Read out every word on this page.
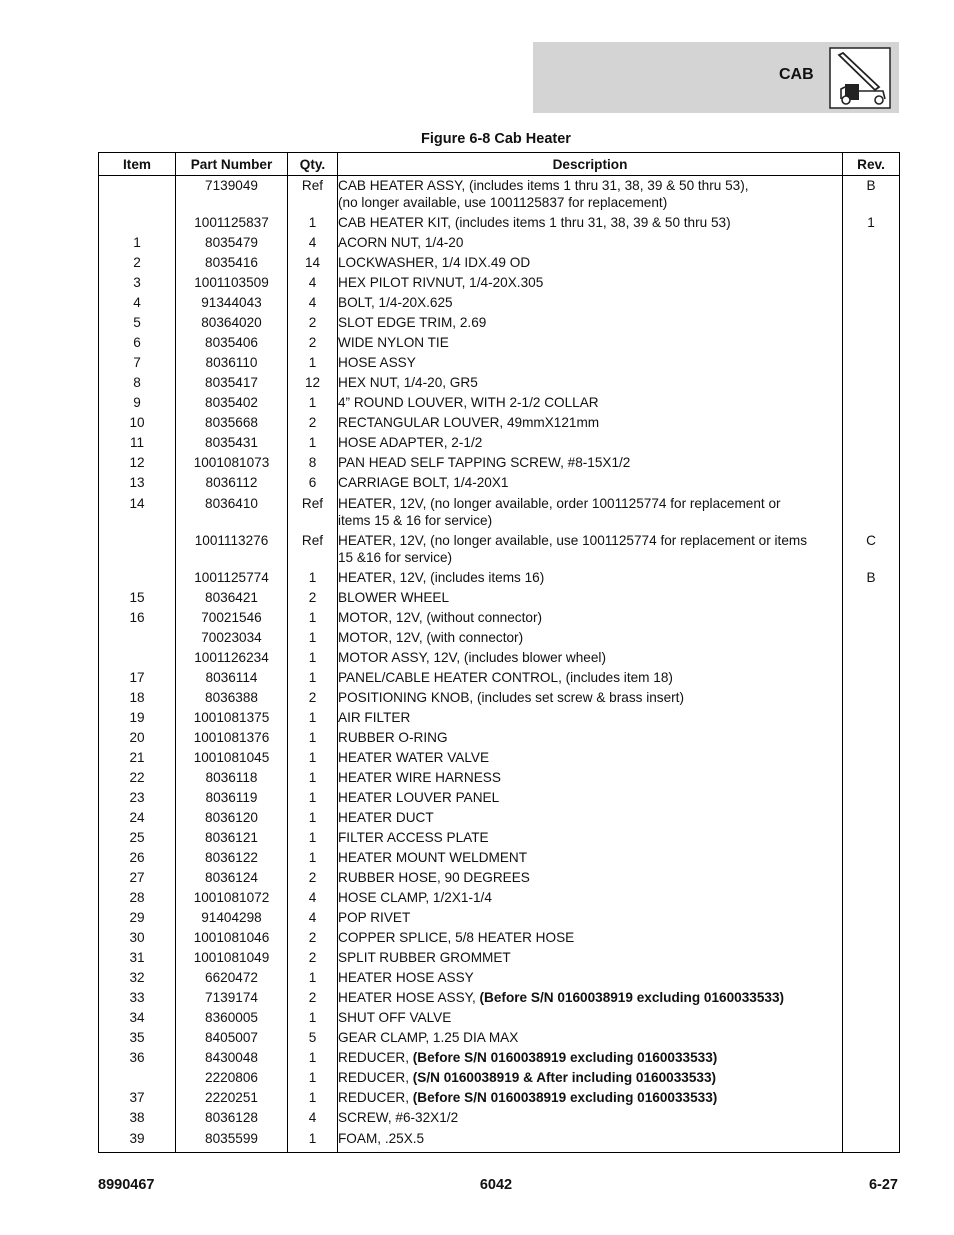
CAB
Figure 6-8 Cab Heater
Item	Part Number	Qty.	Description	Rev.
	7139049	Ref	CAB HEATER ASSY, (includes items 1 thru 31, 38, 39 & 50 thru 53),
(no longer available, use 1001125837 for replacement)	B
	1001125837	1	CAB HEATER KIT, (includes items 1 thru 31, 38, 39 & 50 thru 53)	1
1	8035479	4	ACORN NUT, 1/4-20	
2	8035416	14	LOCKWASHER, 1/4 IDX.49 OD	
3	1001103509	4	HEX PILOT RIVNUT, 1/4-20X.305	
4	91344043	4	BOLT, 1/4-20X.625	
5	80364020	2	SLOT EDGE TRIM, 2.69	
6	8035406	2	WIDE NYLON TIE	
7	8036110	1	HOSE ASSY	
8	8035417	12	HEX NUT, 1/4-20, GR5	
9	8035402	1	4” ROUND LOUVER, WITH 2-1/2 COLLAR	
10	8035668	2	RECTANGULAR LOUVER, 49mmX121mm	
11	8035431	1	HOSE ADAPTER, 2-1/2	
12	1001081073	8	PAN HEAD SELF TAPPING SCREW, #8-15X1/2	
13	8036112	6	CARRIAGE BOLT, 1/4-20X1	
14	8036410	Ref	HEATER, 12V, (no longer available, order 1001125774 for replacement or
items 15 & 16 for service)	
	1001113276	Ref	HEATER, 12V, (no longer available, use 1001125774 for replacement or items
15 &16 for service)	C
	1001125774	1	HEATER, 12V, (includes items 16)	B
15	8036421	2	BLOWER WHEEL	
16	70021546	1	MOTOR, 12V, (without connector)	
	70023034	1	MOTOR, 12V, (with connector)	
	1001126234	1	MOTOR ASSY, 12V, (includes blower wheel)	
17	8036114	1	PANEL/CABLE HEATER CONTROL, (includes item 18)	
18	8036388	2	POSITIONING KNOB, (includes set screw & brass insert)	
19	1001081375	1	AIR FILTER	
20	1001081376	1	RUBBER O-RING	
21	1001081045	1	HEATER WATER VALVE	
22	8036118	1	HEATER WIRE HARNESS	
23	8036119	1	HEATER LOUVER PANEL	
24	8036120	1	HEATER DUCT	
25	8036121	1	FILTER ACCESS PLATE	
26	8036122	1	HEATER MOUNT WELDMENT	
27	8036124	2	RUBBER HOSE, 90 DEGREES	
28	1001081072	4	HOSE CLAMP, 1/2X1-1/4	
29	91404298	4	POP RIVET	
30	1001081046	2	COPPER SPLICE, 5/8 HEATER HOSE	
31	1001081049	2	SPLIT RUBBER GROMMET	
32	6620472	1	HEATER HOSE ASSY	
33	7139174	2	HEATER HOSE ASSY, (Before S/N 0160038919 excluding 0160033533)	
34	8360005	1	SHUT OFF VALVE	
35	8405007	5	GEAR CLAMP, 1.25 DIA MAX	
36	8430048	1	REDUCER, (Before S/N 0160038919 excluding 0160033533)	
	2220806	1	REDUCER, (S/N 0160038919 & After including 0160033533)	
37	2220251	1	REDUCER, (Before S/N 0160038919 excluding 0160033533)	
38	8036128	4	SCREW, #6-32X1/2	
39	8035599	1	FOAM, .25X.5	

8990467	6042	6-27
